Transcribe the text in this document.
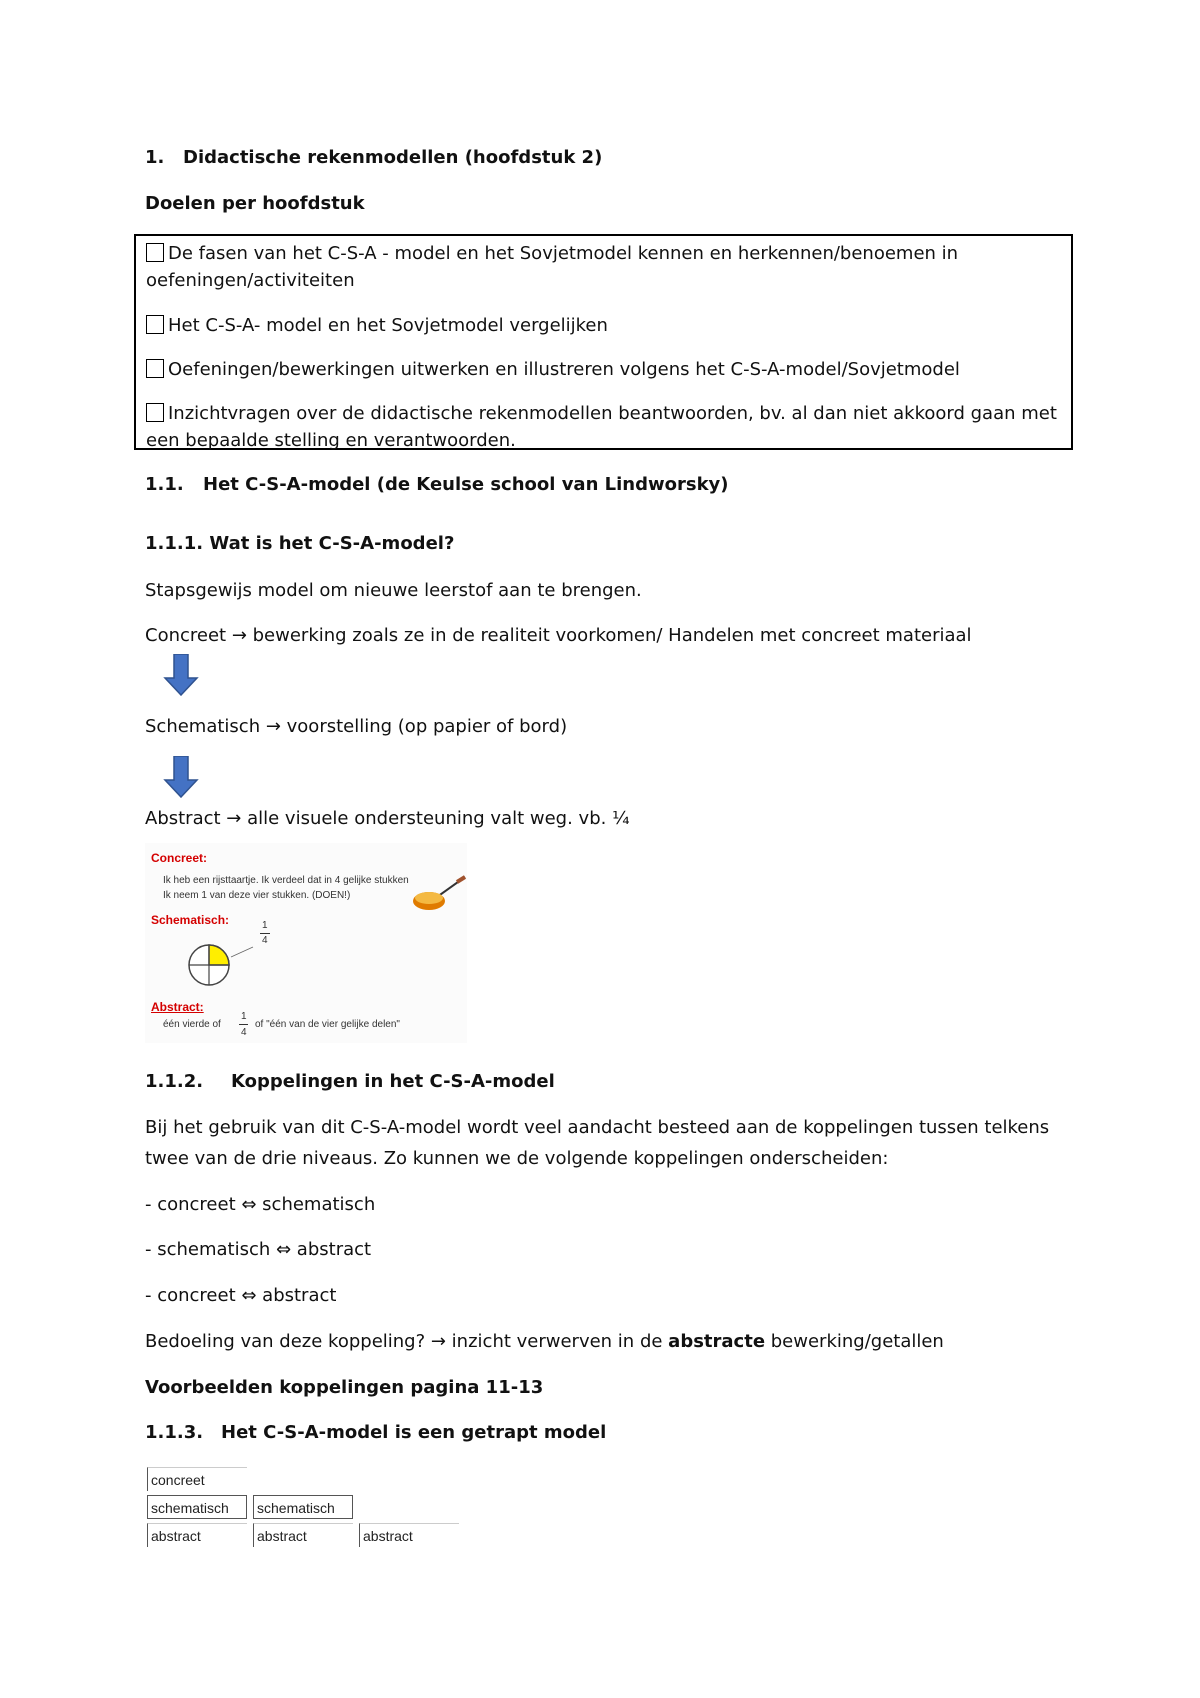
1. Didactische rekenmodellen (hoofdstuk 2)
Doelen per hoofdstuk
De fasen van het C-S-A - model en het Sovjetmodel kennen en herkennen/benoemen in oefeningen/activiteiten
Het C-S-A- model en het Sovjetmodel vergelijken
Oefeningen/bewerkingen uitwerken en illustreren volgens het C-S-A-model/Sovjetmodel
Inzichtvragen over de didactische rekenmodellen beantwoorden, bv. al dan niet akkoord gaan met een bepaalde stelling en verantwoorden.
1.1. Het C-S-A-model (de Keulse school van Lindworsky)
1.1.1. Wat is het C-S-A-model?
Stapsgewijs model om nieuwe leerstof aan te brengen.
Concreet → bewerking zoals ze in de realiteit voorkomen/ Handelen met concreet materiaal
Schematisch → voorstelling (op papier of bord)
Abstract → alle visuele ondersteuning valt weg. vb. ¼
Concreet:
Ik heb een rijsttaartje. Ik verdeel dat in 4 gelijke stukken
Ik neem 1 van deze vier stukken. (DOEN!)
Schematisch:	1
4
Abstract:
één vierde of
1
4
of "één van de vier gelijke delen"
1.1.2. Koppelingen in het C-S-A-model
Bij het gebruik van dit C-S-A-model wordt veel aandacht besteed aan de koppelingen tussen telkens
twee van de drie niveaus. Zo kunnen we de volgende koppelingen onderscheiden:
- concreet ⇔ schematisch
- schematisch ⇔ abstract
- concreet ⇔ abstract
Bedoeling van deze koppeling? → inzicht verwerven in de abstracte bewerking/getallen
Voorbeelden koppelingen pagina 11-13
1.1.3. Het C-S-A-model is een getrapt model
concreet
schematisch	schematisch
abstract	abstract	abstract
